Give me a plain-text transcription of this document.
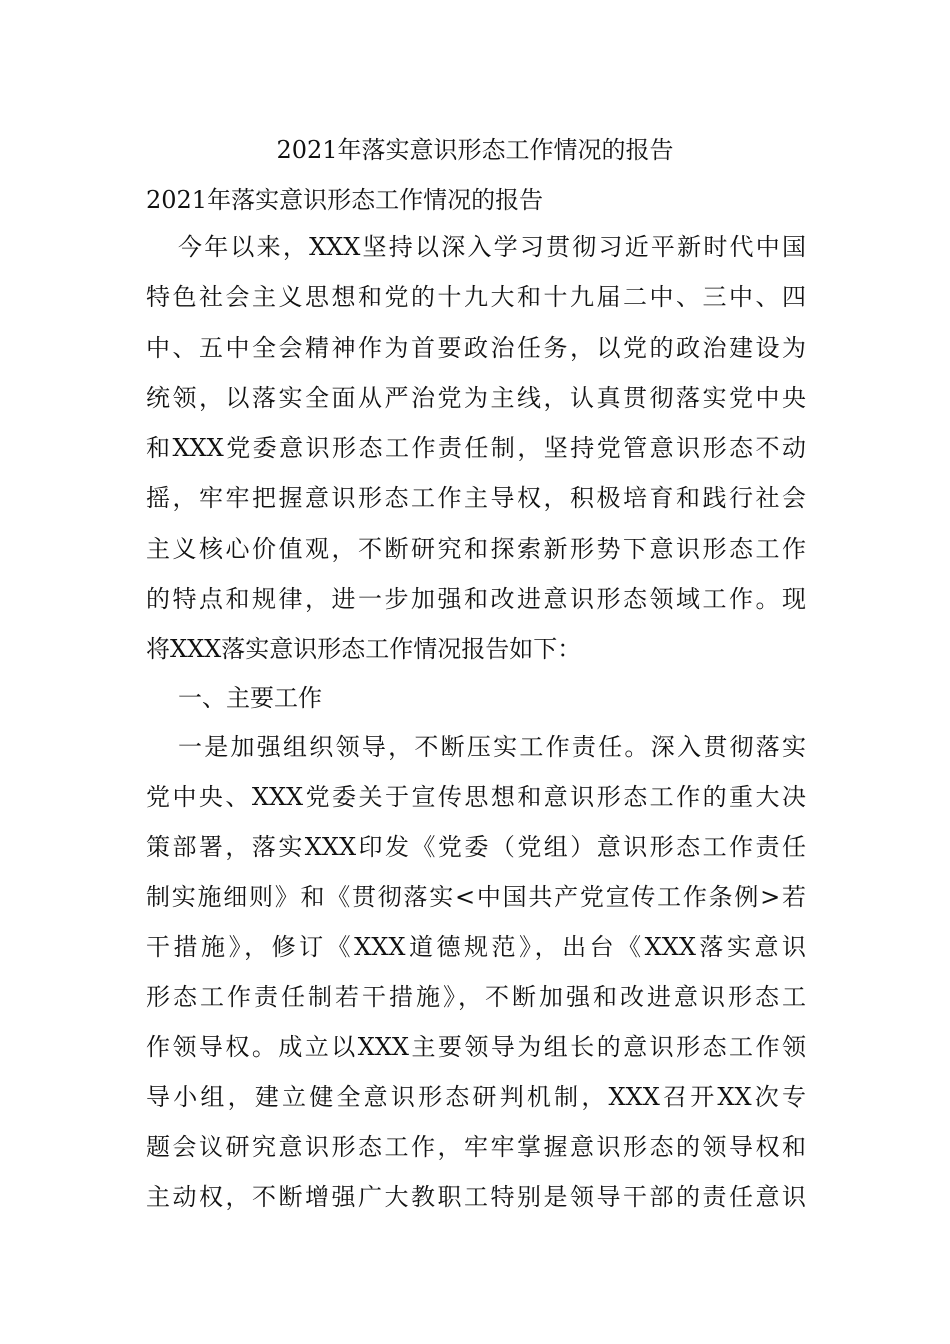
2021年落实意识形态工作情况的报告
2021年落实意识形态工作情况的报告
今年以来，XXX坚持以深入学习贯彻习近平新时代中国
特色社会主义思想和党的十九大和十九届二中、三中、四
中、五中全会精神作为首要政治任务，以党的政治建设为
统领，以落实全面从严治党为主线，认真贯彻落实党中央
和XXX党委意识形态工作责任制，坚持党管意识形态不动
摇，牢牢把握意识形态工作主导权，积极培育和践行社会
主义核心价值观，不断研究和探索新形势下意识形态工作
的特点和规律，进一步加强和改进意识形态领域工作。现
将XXX落实意识形态工作情况报告如下：
一、主要工作
一是加强组织领导，不断压实工作责任。深入贯彻落实
党中央、XXX党委关于宣传思想和意识形态工作的重大决
策部署，落实XXX印发《党委（党组）意识形态工作责任
制实施细则》和《贯彻落实<中国共产党宣传工作条例>若
干措施》，修订《XXX道德规范》，出台《XXX落实意识
形态工作责任制若干措施》，不断加强和改进意识形态工
作领导权。成立以XXX主要领导为组长的意识形态工作领
导小组，建立健全意识形态研判机制，XXX召开XX次专
题会议研究意识形态工作，牢牢掌握意识形态的领导权和
主动权，不断增强广大教职工特别是领导干部的责任意识
